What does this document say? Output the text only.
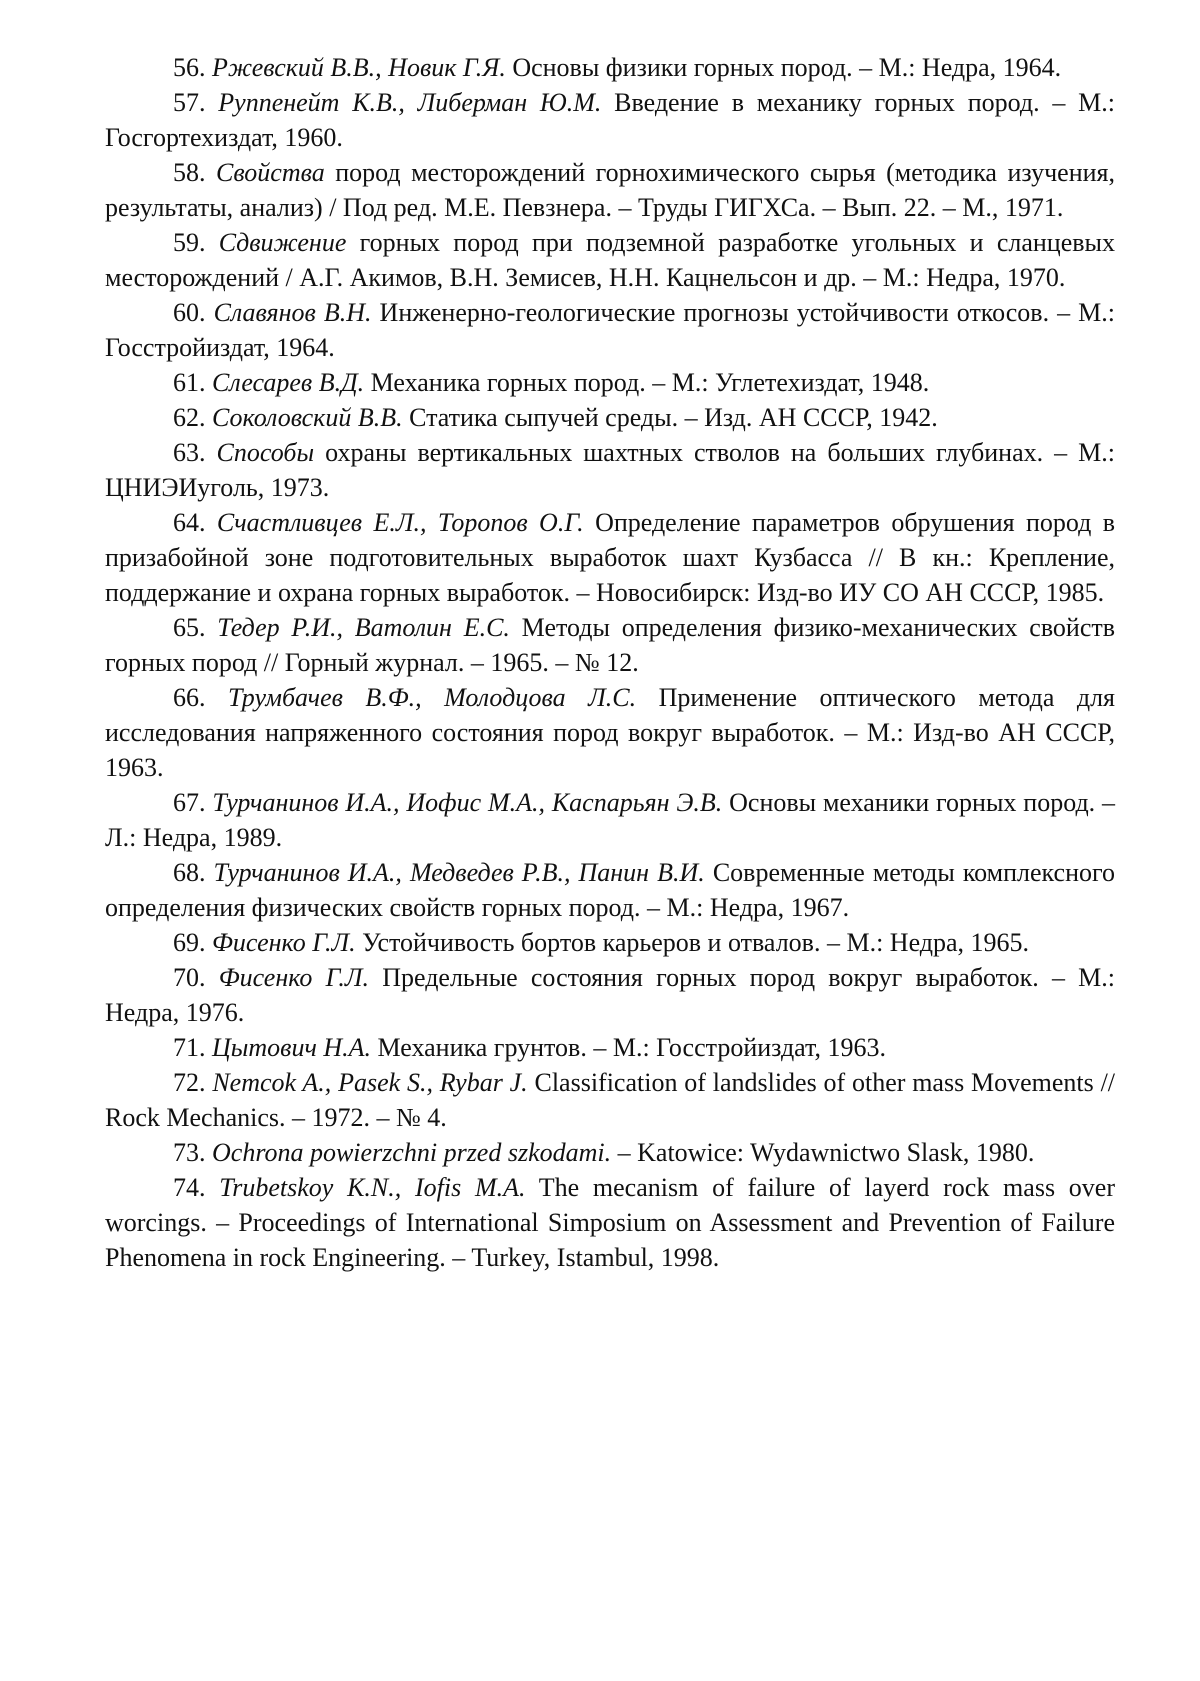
56. Ржевский В.В., Новик Г.Я. Основы физики горных пород. – М.: Недра, 1964.
57. Руппенейт К.В., Либерман Ю.М. Введение в механику горных пород. – М.: Госгортехиздат, 1960.
58. Свойства пород месторождений горнохимического сырья (методика изучения, результаты, анализ) / Под ред. М.Е. Певзнера. – Труды ГИГХСа. – Вып. 22. – М., 1971.
59. Сдвижение горных пород при подземной разработке угольных и сланцевых месторождений / А.Г. Акимов, В.Н. Земисев, Н.Н. Кацнельсон и др. – М.: Недра, 1970.
60. Славянов В.Н. Инженерно-геологические прогнозы устойчивости откосов. – М.: Госстройиздат, 1964.
61. Слесарев В.Д. Механика горных пород. – М.: Углетехиздат, 1948.
62. Соколовский В.В. Статика сыпучей среды. – Изд. АН СССР, 1942.
63. Способы охраны вертикальных шахтных стволов на больших глубинах. – М.: ЦНИЭИуголь, 1973.
64. Счастливцев Е.Л., Торопов О.Г. Определение параметров обрушения пород в призабойной зоне подготовительных выработок шахт Кузбасса // В кн.: Крепление, поддержание и охрана горных выработок. – Новосибирск: Изд-во ИУ СО АН СССР, 1985.
65. Тедер Р.И., Ватолин Е.С. Методы определения физико-механических свойств горных пород // Горный журнал. – 1965. – № 12.
66. Трумбачев В.Ф., Молодцова Л.С. Применение оптического метода для исследования напряженного состояния пород вокруг выработок. – М.: Изд-во АН СССР, 1963.
67. Турчанинов И.А., Иофис М.А., Каспарьян Э.В. Основы механики горных пород. – Л.: Недра, 1989.
68. Турчанинов И.А., Медведев Р.В., Панин В.И. Современные методы комплексного определения физических свойств горных пород. – М.: Недра, 1967.
69. Фисенко Г.Л. Устойчивость бортов карьеров и отвалов. – М.: Недра, 1965.
70. Фисенко Г.Л. Предельные состояния горных пород вокруг выработок. – М.: Недра, 1976.
71. Цытович Н.А. Механика грунтов. – М.: Госстройиздат, 1963.
72. Nemcok A., Pasek S., Rybar J. Classification of landslides of other mass Movements // Rock Mechanics. – 1972. – № 4.
73. Ochrona powierzchni przed szkodami. – Katowice: Wydawnictwo Slask, 1980.
74. Trubetskoy K.N., Iofis M.A. The mecanism of failure of layerd rock mass over worcings. – Proceedings of International Simposium on Assessment and Prevention of Failure Phenomena in rock Engineering. – Turkey, Istambul, 1998.
